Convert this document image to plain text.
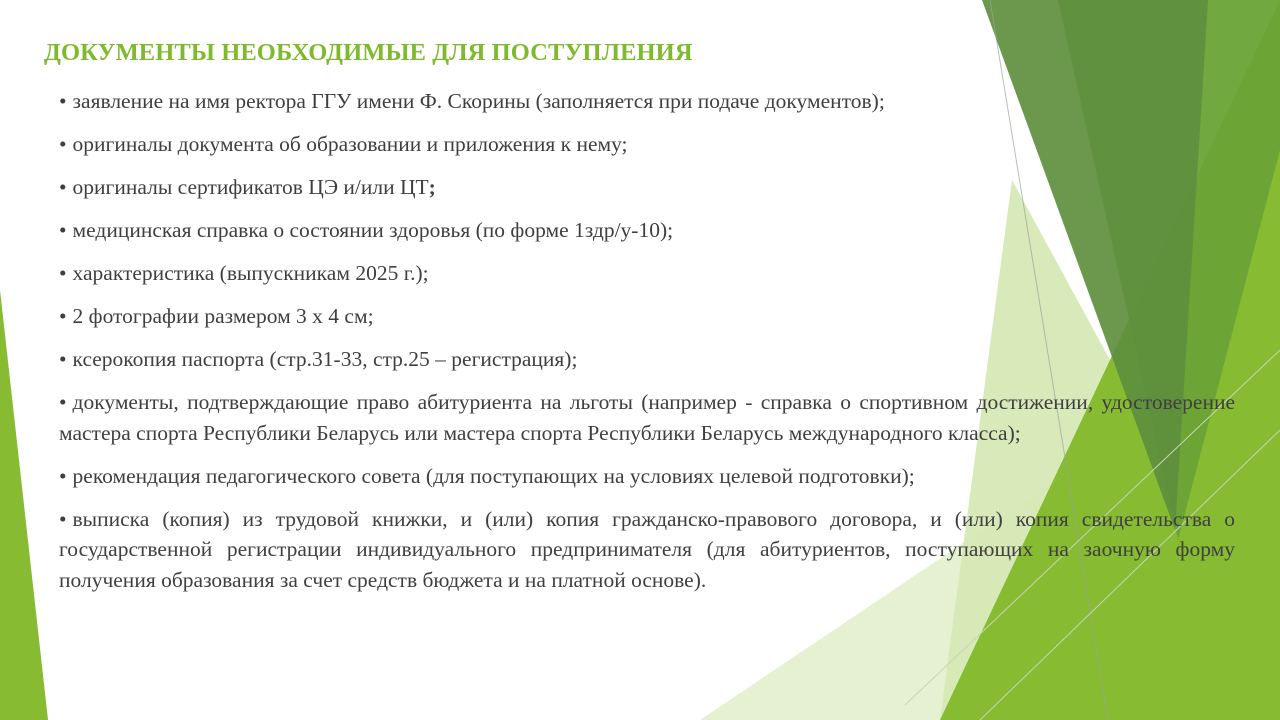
ДОКУМЕНТЫ НЕОБХОДИМЫЕ ДЛЯ ПОСТУПЛЕНИЯ
• заявление на имя ректора ГГУ имени Ф. Скорины (заполняется при подаче документов);
• оригиналы документа об образовании и приложения к нему;
• оригиналы сертификатов ЦЭ и/или ЦТ;
• медицинская справка о состоянии здоровья (по форме 1здр/у-10);
• характеристика (выпускникам 2025 г.);
• 2 фотографии размером 3 х 4 см;
• ксерокопия паспорта (стр.31-33, стр.25 – регистрация);
• документы, подтверждающие право абитуриента на льготы (например - справка о спортивном достижении, удостоверение мастера спорта Республики Беларусь или мастера спорта Республики Беларусь международного класса);
• рекомендация педагогического совета (для поступающих на условиях целевой подготовки);
• выписка (копия) из трудовой книжки, и (или) копия гражданско-правового договора, и (или) копия свидетельства о государственной регистрации индивидуального предпринимателя (для абитуриентов, поступающих на заочную форму получения образования за счет средств бюджета и на платной основе).
